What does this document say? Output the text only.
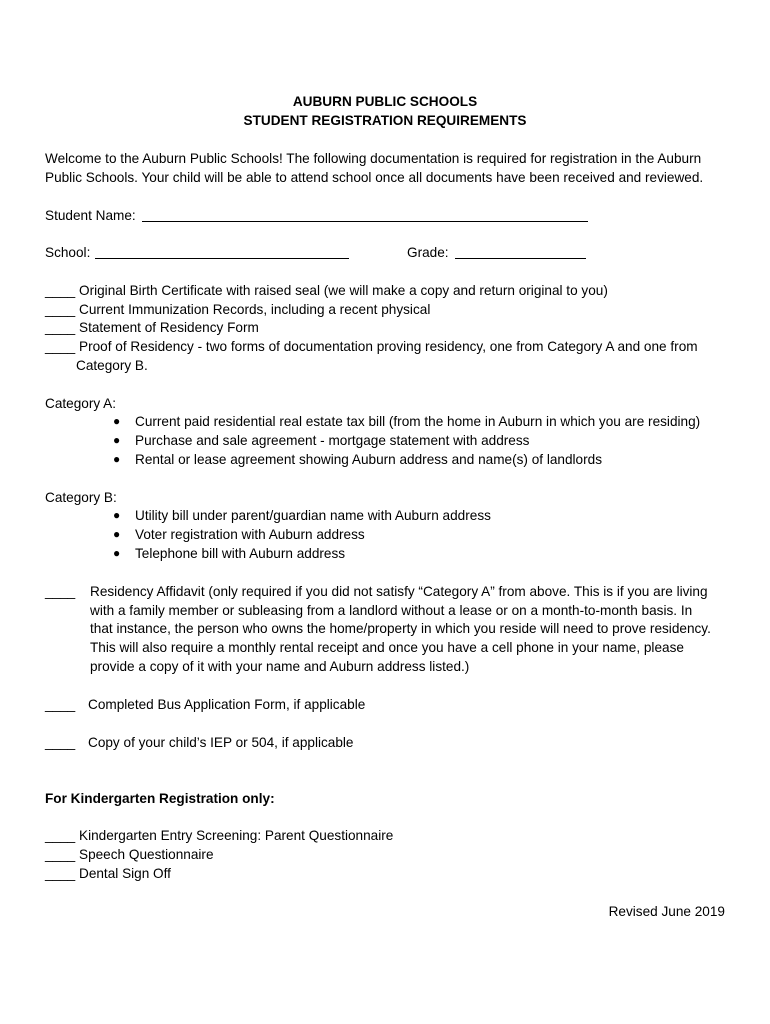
AUBURN PUBLIC SCHOOLS
STUDENT REGISTRATION REQUIREMENTS
Welcome to the Auburn Public Schools! The following documentation is required for registration in the Auburn
Public Schools. Your child will be able to attend school once all documents have been received and reviewed.
Student Name:
School:	Grade:
____ Original Birth Certificate with raised seal (we will make a copy and return original to you)
____ Current Immunization Records, including a recent physical
____ Statement of Residency Form
____ Proof of Residency - two forms of documentation proving residency, one from Category A and one from
Category B.
Category A:
●	Current paid residential real estate tax bill (from the home in Auburn in which you are residing)
●	Purchase and sale agreement - mortgage statement with address
●	Rental or lease agreement showing Auburn address and name(s) of landlords
Category B:
●	Utility bill under parent/guardian name with Auburn address
●	Voter registration with Auburn address
●	Telephone bill with Auburn address
____ Residency Affidavit (only required if you did not satisfy “Category A” from above. This is if you are living
with a family member or subleasing from a landlord without a lease or on a month-to-month basis. In
that instance, the person who owns the home/property in which you reside will need to prove residency.
This will also require a monthly rental receipt and once you have a cell phone in your name, please
provide a copy of it with your name and Auburn address listed.)
____ Completed Bus Application Form, if applicable
____ Copy of your child’s IEP or 504, if applicable
For Kindergarten Registration only:
____ Kindergarten Entry Screening: Parent Questionnaire
____ Speech Questionnaire
____ Dental Sign Off
Revised June 2019
